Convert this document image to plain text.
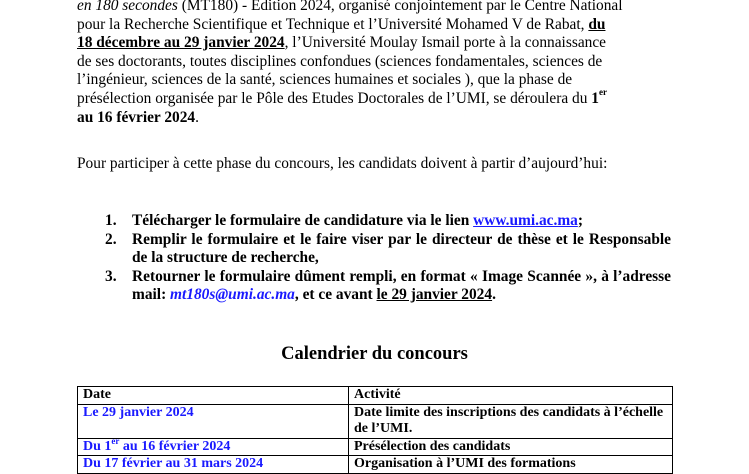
en 180 secondes (MT180) - Edition 2024, organisé conjointement par le Centre National
pour la Recherche Scientifique et Technique et l’Université Mohamed V de Rabat, du
18 décembre au 29 janvier 2024, l’Université Moulay Ismail porte à la connaissance
de ses doctorants, toutes disciplines confondues (sciences fondamentales, sciences de
l’ingénieur, sciences de la santé, sciences humaines et sociales ), que la phase de
présélection organisée par le Pôle des Etudes Doctorales de l’UMI, se déroulera du 1er
au 16 février 2024.
Pour participer à cette phase du concours, les candidats doivent à partir d’aujourd’hui:
1. Télécharger le formulaire de candidature via le lien www.umi.ac.ma;
2. Remplir le formulaire et le faire viser par le directeur de thèse et le Responsable de la structure de recherche,
3. Retourner le formulaire dûment rempli, en format « Image Scannée », à l’adresse mail: mt180s@umi.ac.ma, et ce avant le 29 janvier 2024.
Calendrier du concours
Date	Activité
Le 29 janvier 2024	Date limite des inscriptions des candidats à l’échelle de l’UMI.
Du 1er au 16 février 2024	Présélection des candidats
Du 17 février au 31 mars 2024	Organisation à l’UMI des formations
